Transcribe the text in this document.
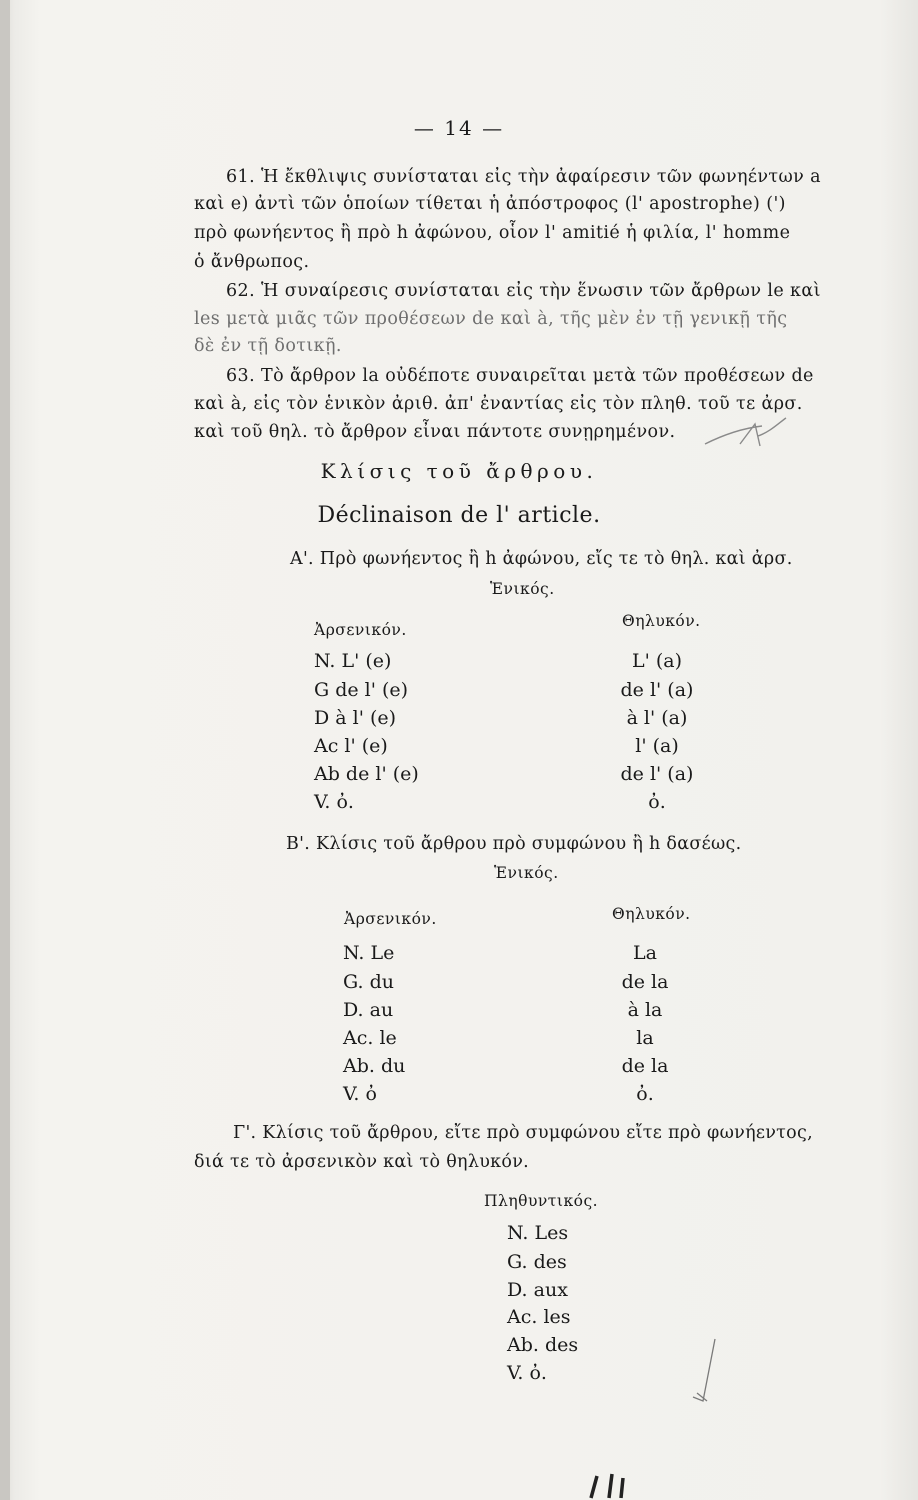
— 14 —
61. Ἡ ἔκθλιψις συνίσταται εἰς τὴν ἀφαίρεσιν τῶν φωνηέντων a
καὶ e) ἀντὶ τῶν ὁποίων τίθεται ἡ ἀπόστροφος (l' apostrophe) (')
πρὸ φωνήεντος ἢ πρὸ h ἀφώνου, οἷον l' amitié ἡ φιλία, l' homme
ὁ ἄνθρωπος.
62. Ἡ συναίρεσις συνίσταται εἰς τὴν ἕνωσιν τῶν ἄρθρων le καὶ
les μετὰ μιᾶς τῶν προθέσεων de καὶ à, τῆς μὲν ἐν τῇ γενικῇ τῆς
δὲ ἐν τῇ δοτικῇ.
63. Τὸ ἄρθρον la οὐδέποτε συναιρεῖται μετὰ τῶν προθέσεων de
καὶ à, εἰς τὸν ἑνικὸν ἀριθ. ἀπ' ἐναντίας εἰς τὸν πληθ. τοῦ τε ἀρσ.
καὶ τοῦ θηλ. τὸ ἄρθρον εἶναι πάντοτε συνῃρημένον.
Κλίσις τοῦ ἄρθρου.
Déclinaison de l' article.
Α'. Πρὸ φωνήεντος ἢ h ἀφώνου, εἴς τε τὸ θηλ. καὶ ἀρσ.
Ἑνικός.
Ἀρσενικόν.	Θηλυκόν.
N. L' (e)
G de l' (e)
D à l' (e)
Ac l' (e)
Ab de l' (e)
V. ὀ.
L' (a)
de l' (a)
à l' (a)
l' (a)
de l' (a)
ὀ.
Β'. Κλίσις τοῦ ἄρθρου πρὸ συμφώνου ἢ h δασέως.
Ἑνικός.
Ἀρσενικόν.	Θηλυκόν.
N. Le
G. du
D. au
Ac. le
Ab. du
V. ὀ
La
de la
à la
la
de la
ὀ.
Γ'. Κλίσις τοῦ ἄρθρου, εἴτε πρὸ συμφώνου εἴτε πρὸ φωνήεντος,
διά τε τὸ ἀρσενικὸν καὶ τὸ θηλυκόν.
Πληθυντικός.
N. Les
G. des
D. aux
Ac. les
Ab. des
V. ὀ.
